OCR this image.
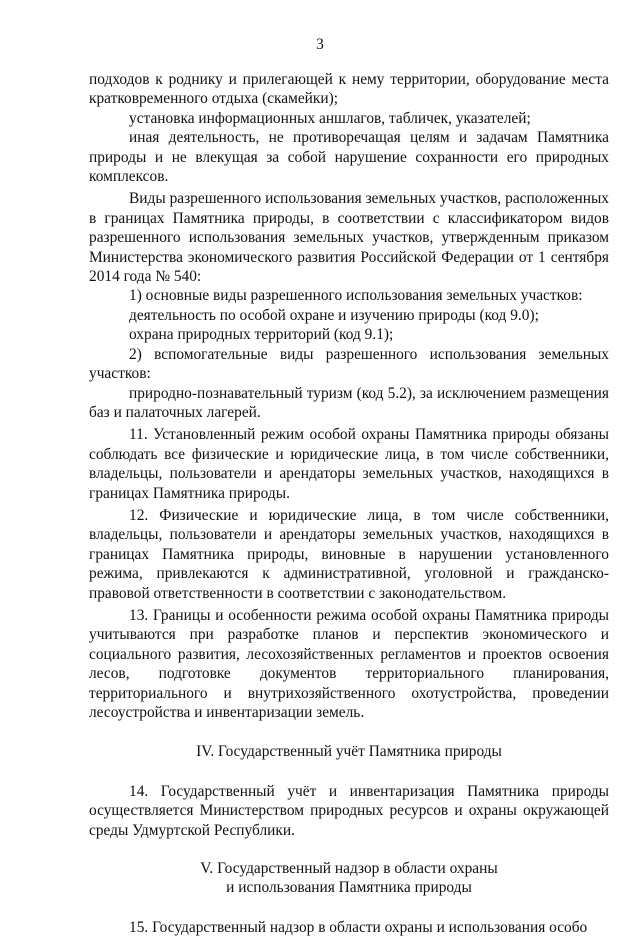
3

подходов к роднику и прилегающей к нему территории, оборудование места кратковременного отдыха (скамейки);

установка информационных аншлагов, табличек, указателей;

иная деятельность, не противоречащая целям и задачам Памятника природы и не влекущая за собой нарушение сохранности его природных комплексов.

Виды разрешенного использования земельных участков, расположенных в границах Памятника природы, в соответствии с классификатором видов разрешенного использования земельных участков, утвержденным приказом Министерства экономического развития Российской Федерации от 1 сентября 2014 года № 540:

1) основные виды разрешенного использования земельных участков:

деятельность по особой охране и изучению природы (код 9.0);

охрана природных территорий (код 9.1);

2) вспомогательные виды разрешенного использования земельных участков:

природно-познавательный туризм (код 5.2), за исключением размещения баз и палаточных лагерей.

11. Установленный режим особой охраны Памятника природы обязаны соблюдать все физические и юридические лица, в том числе собственники, владельцы, пользователи и арендаторы земельных участков, находящихся в границах Памятника природы.

12. Физические и юридические лица, в том числе собственники, владельцы, пользователи и арендаторы земельных участков, находящихся в границах Памятника природы, виновные в нарушении установленного режима, привлекаются к административной, уголовной и гражданско-правовой ответственности в соответствии с законодательством.

13. Границы и особенности режима особой охраны Памятника природы учитываются при разработке планов и перспектив экономического и социального развития, лесохозяйственных регламентов и проектов освоения лесов, подготовке документов территориального планирования, территориального и внутрихозяйственного охотустройства, проведении лесоустройства и инвентаризации земель.

IV. Государственный учёт Памятника природы

14. Государственный учёт и инвентаризация Памятника природы осуществляется Министерством природных ресурсов и охраны окружающей среды Удмуртской Республики.

V. Государственный надзор в области охраны
и использования Памятника природы

15. Государственный надзор в области охраны и использования особо
